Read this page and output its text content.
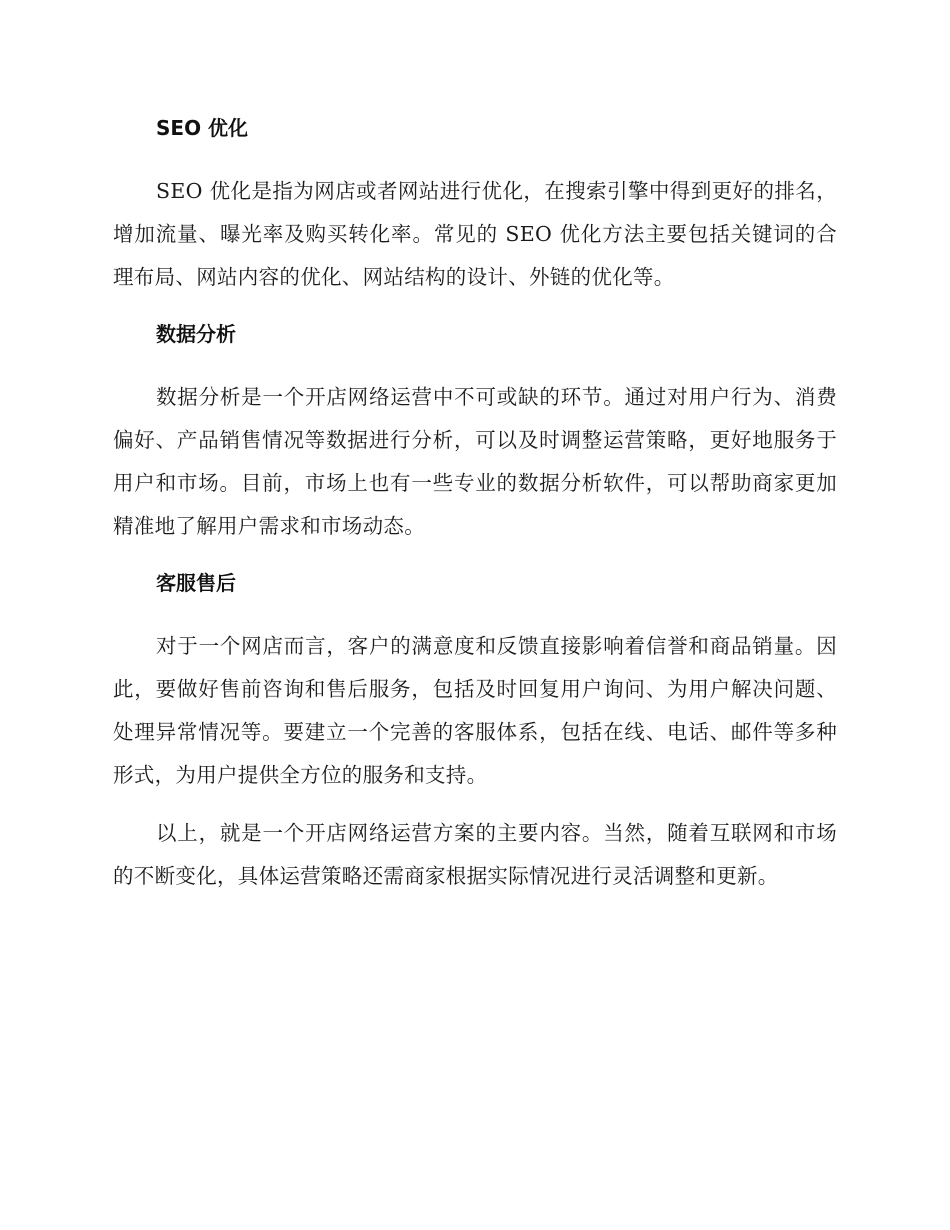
SEO 优化

SEO 优化是指为网店或者网站进行优化，在搜索引擎中得到更好的排名，增加流量、曝光率及购买转化率。常见的 SEO 优化方法主要包括关键词的合理布局、网站内容的优化、网站结构的设计、外链的优化等。

数据分析

数据分析是一个开店网络运营中不可或缺的环节。通过对用户行为、消费偏好、产品销售情况等数据进行分析，可以及时调整运营策略，更好地服务于用户和市场。目前，市场上也有一些专业的数据分析软件，可以帮助商家更加精准地了解用户需求和市场动态。

客服售后

对于一个网店而言，客户的满意度和反馈直接影响着信誉和商品销量。因此，要做好售前咨询和售后服务，包括及时回复用户询问、为用户解决问题、处理异常情况等。要建立一个完善的客服体系，包括在线、电话、邮件等多种形式，为用户提供全方位的服务和支持。

以上，就是一个开店网络运营方案的主要内容。当然，随着互联网和市场的不断变化，具体运营策略还需商家根据实际情况进行灵活调整和更新。
